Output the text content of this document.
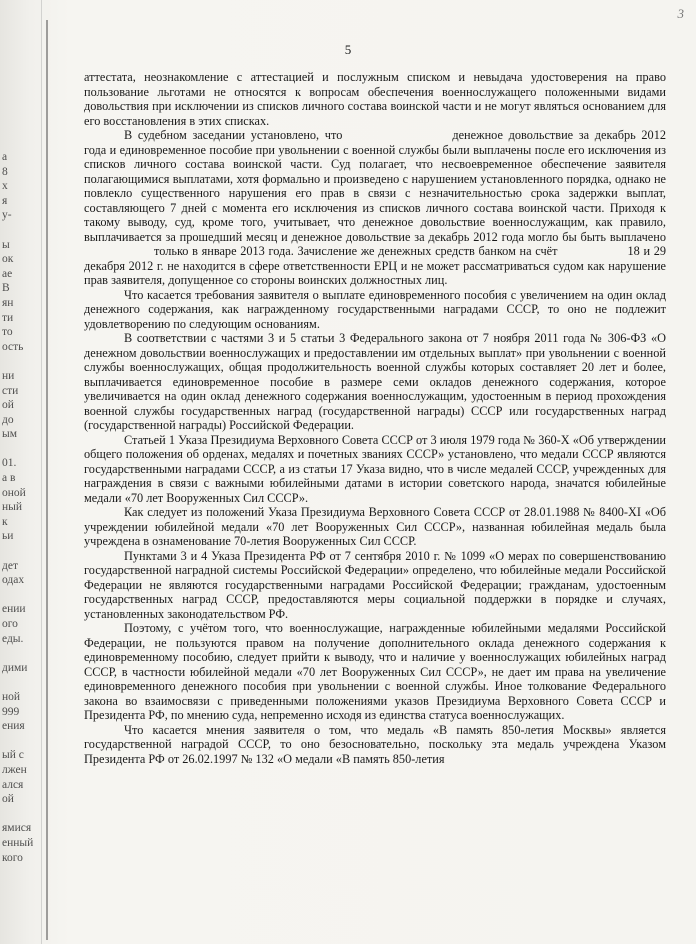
3
5
а
8
х
я
у-
ы
ок
ae
В
ян
ти
то
ость
ни
сти
ой
до
ым
01.
а в
оной
ный
к
ьи
дет
одах
ении
ого
еды.
дими
ной
999
ения
ый с
лжен
ался
ой
ямися
енный
кого

аттестата, неознакомление с аттестацией и послужным списком и невыдача удостоверения на право пользование льготами не относятся к вопросам обеспечения военнослужащего положенными видами довольствия при исключении из списков личного состава воинской части и не могут являться основанием для его восстановления в этих списках.

В судебном заседании установлено, что	денежное довольствие за декабрь 2012 года и единовременное пособие при увольнении с военной службы были выплачены после его исключения из списков личного состава воинской части. Суд полагает, что несвоевременное обеспечение заявителя полагающимися выплатами, хотя формально и произведено с нарушением установленного порядка, однако не повлекло существенного нарушения его прав в связи с незначительностью срока задержки выплат, составляющего 7 дней с момента его исключения из списков личного состава воинской части. Приходя к такому выводу, суд, кроме того, учитывает, что денежное довольствие военнослужащим, как правило, выплачивается за прошедший месяц и денежное довольствие за декабрь 2012 года могло бы быть выплаченотолько в январе 2013 года. Зачисление же денежных средств банком на счёт	18 и 29 декабря 2012 г. не находится в сфере ответственности ЕРЦ и не может рассматриваться судом как нарушение прав заявителя, допущенное со стороны воинских должностных лиц.

Что касается требования заявителя о выплате единовременного пособия с увеличением на один оклад денежного содержания, как награжденному государственными наградами СССР, то оно не подлежит удовлетворению по следующим основаниям.

В соответствии с частями 3 и 5 статьи 3 Федерального закона от 7 ноября 2011 года № 306-ФЗ «О денежном довольствии военнослужащих и предоставлении им отдельных выплат» при увольнении с военной службы военнослужащих, общая продолжительность военной службы которых составляет 20 лет и более, выплачивается единовременное пособие в размере семи окладов денежного содержания, которое увеличивается на один оклад денежного содержания военнослужащим, удостоенным в период прохождения военной службы государственных наград (государственной награды) СССР или государственных наград (государственной награды) Российской Федерации.

Статьей 1 Указа Президиума Верховного Совета СССР от 3 июля 1979 года № 360-Х «Об утверждении общего положения об орденах, медалях и почетных званиях СССР» установлено, что медали СССР являются государственными наградами СССР, а из статьи 17 Указа видно, что в числе медалей СССР, учрежденных для награждения в связи с важными юбилейными датами в истории советского народа, значатся юбилейные медали «70 лет Вооруженных Сил СССР».

Как следует из положений Указа Президиума Верховного Совета СССР от 28.01.1988 № 8400-XI «Об учреждении юбилейной медали «70 лет Вооруженных Сил СССР», названная юбилейная медаль была учреждена в ознаменование 70-летия Вооруженных Сил СССР.

Пунктами 3 и 4 Указа Президента РФ от 7 сентября 2010 г. № 1099 «О мерах по совершенствованию государственной наградной системы Российской Федерации» определено, что юбилейные медали Российской Федерации не являются государственными наградами Российской Федерации; гражданам, удостоенным государственных наград СССР, предоставляются меры социальной поддержки в порядке и случаях, установленных законодательством РФ.

Поэтому, с учётом того, что военнослужащие, награжденные юбилейными медалями Российской Федерации, не пользуются правом на получение дополнительного оклада денежного содержания к единовременному пособию, следует прийти к выводу, что и наличие у военнослужащих юбилейных наград СССР, в частности юбилейной медали «70 лет Вооруженных Сил СССР», не дает им права на увеличение единовременного денежного пособия при увольнении с военной службы. Иное толкование Федерального закона во взаимосвязи с приведенными положениями указов Президиума Верховного Совета СССР и Президента РФ, по мнению суда, непременно исходя из единства статуса военнослужащих.

Что касается мнения заявителя о том, что медаль «В память 850-летия Москвы» является государственной наградой СССР, то оно безосновательно, поскольку эта медаль учреждена Указом Президента РФ от 26.02.1997 № 132 «О медали «В память 850-летия
